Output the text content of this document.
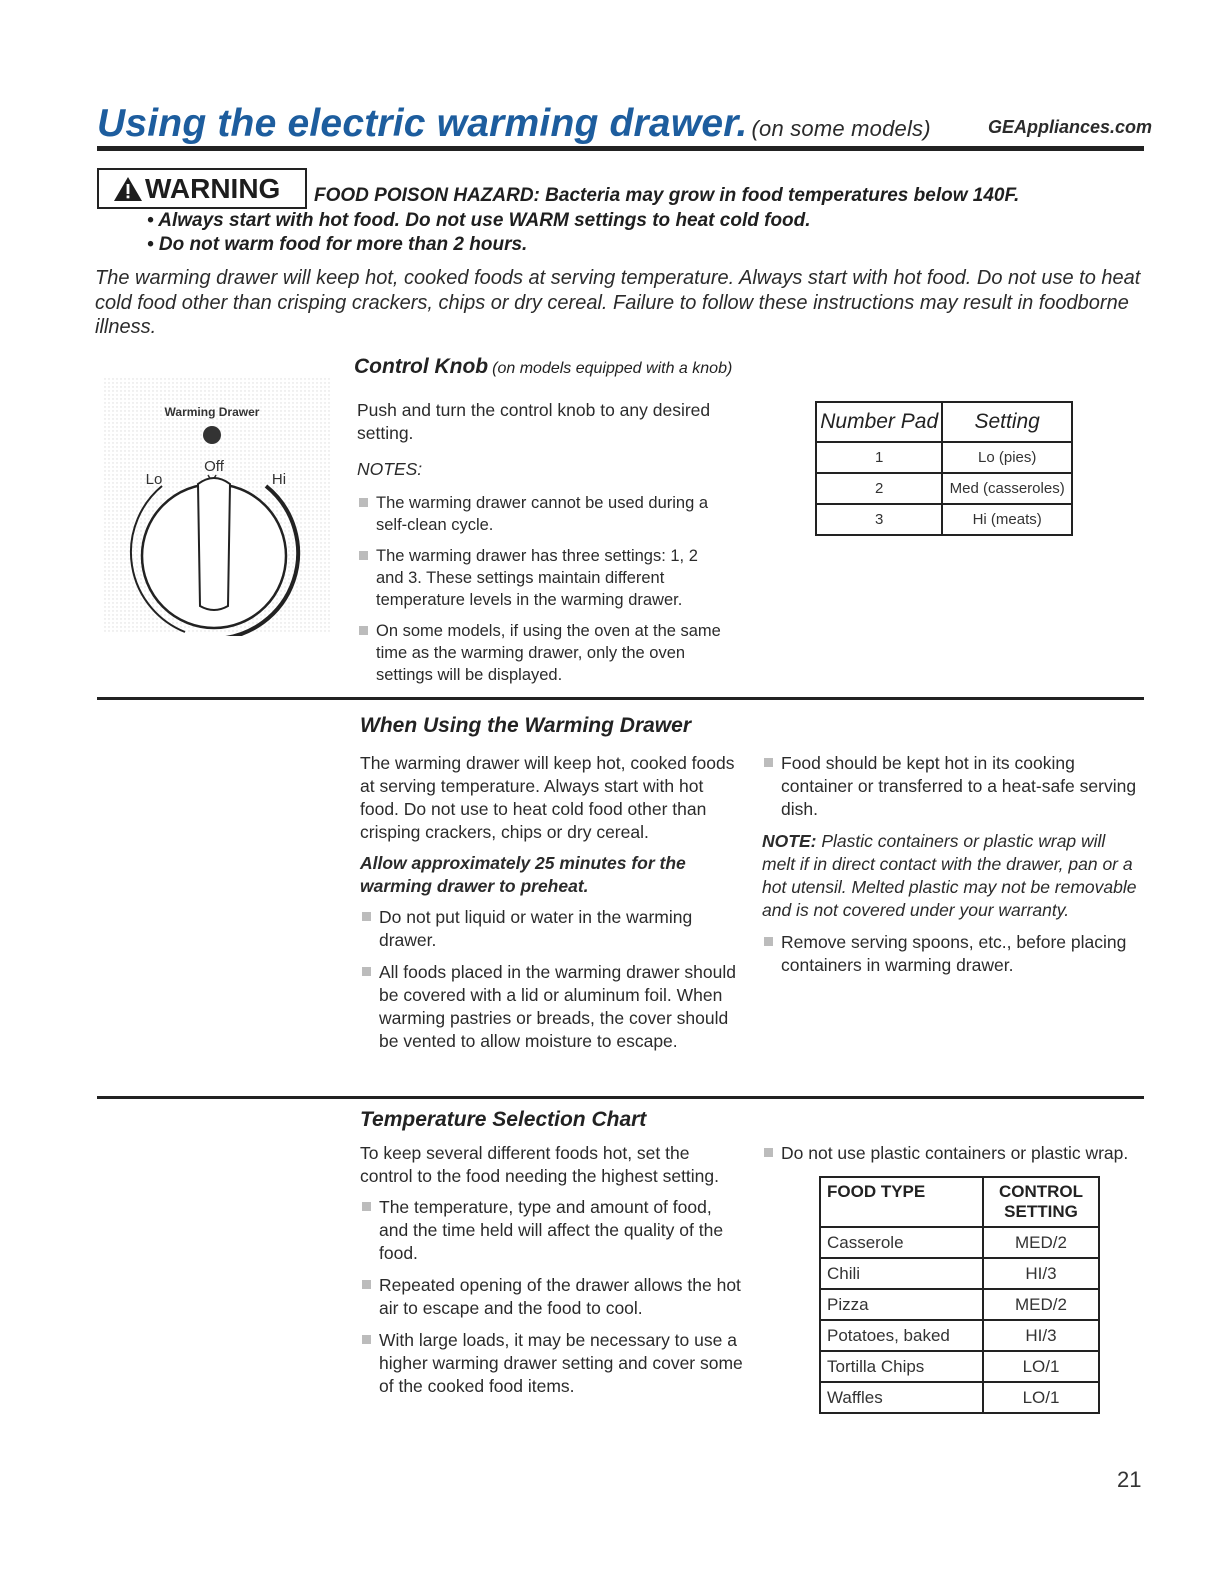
Using the electric warming drawer. (on some models)	GEAppliances.com
WARNING FOOD POISON HAZARD: Bacteria may grow in food temperatures below 140F.
• Always start with hot food. Do not use WARM settings to heat cold food.
• Do not warm food for more than 2 hours.
The warming drawer will keep hot, cooked foods at serving temperature. Always start with hot food. Do not use to heat cold food other than crisping crackers, chips or dry cereal. Failure to follow these instructions may result in foodborne illness.
Control Knob (on models equipped with a knob)
Warming Drawer
Off
Lo	Hi
Push and turn the control knob to any desired setting.
NOTES:
The warming drawer cannot be used during a self-clean cycle.
The warming drawer has three settings: 1, 2 and 3. These settings maintain different temperature levels in the warming drawer.
On some models, if using the oven at the same time as the warming drawer, only the oven settings will be displayed.
Number Pad	Setting
1	Lo (pies)
2	Med (casseroles)
3	Hi (meats)
When Using the Warming Drawer

The warming drawer will keep hot, cooked foods at serving temperature. Always start with hot food. Do not use to heat cold food other than crisping crackers, chips or dry cereal.

Allow approximately 25 minutes for the warming drawer to preheat.

Do not put liquid or water in the warming drawer.
All foods placed in the warming drawer should be covered with a lid or aluminum foil. When warming pastries or breads, the cover should be vented to allow moisture to escape.
Food should be kept hot in its cooking container or transferred to a heat-safe serving dish.

NOTE: Plastic containers or plastic wrap will melt if in direct contact with the drawer, pan or a hot utensil. Melted plastic may not be removable and is not covered under your warranty.

Remove serving spoons, etc., before placing containers in warming drawer.
Temperature Selection Chart

To keep several different foods hot, set the control to the food needing the highest setting.

The temperature, type and amount of food, and the time held will affect the quality of the food.
Repeated opening of the drawer allows the hot air to escape and the food to cool.
With large loads, it may be necessary to use a higher warming drawer setting and cover some of the cooked food items.
Do not use plastic containers or plastic wrap.
FOOD TYPE	CONTROL SETTING
Casserole	MED/2
Chili	HI/3
Pizza	MED/2
Potatoes, baked	HI/3
Tortilla Chips	LO/1
Waffles	LO/1
21
